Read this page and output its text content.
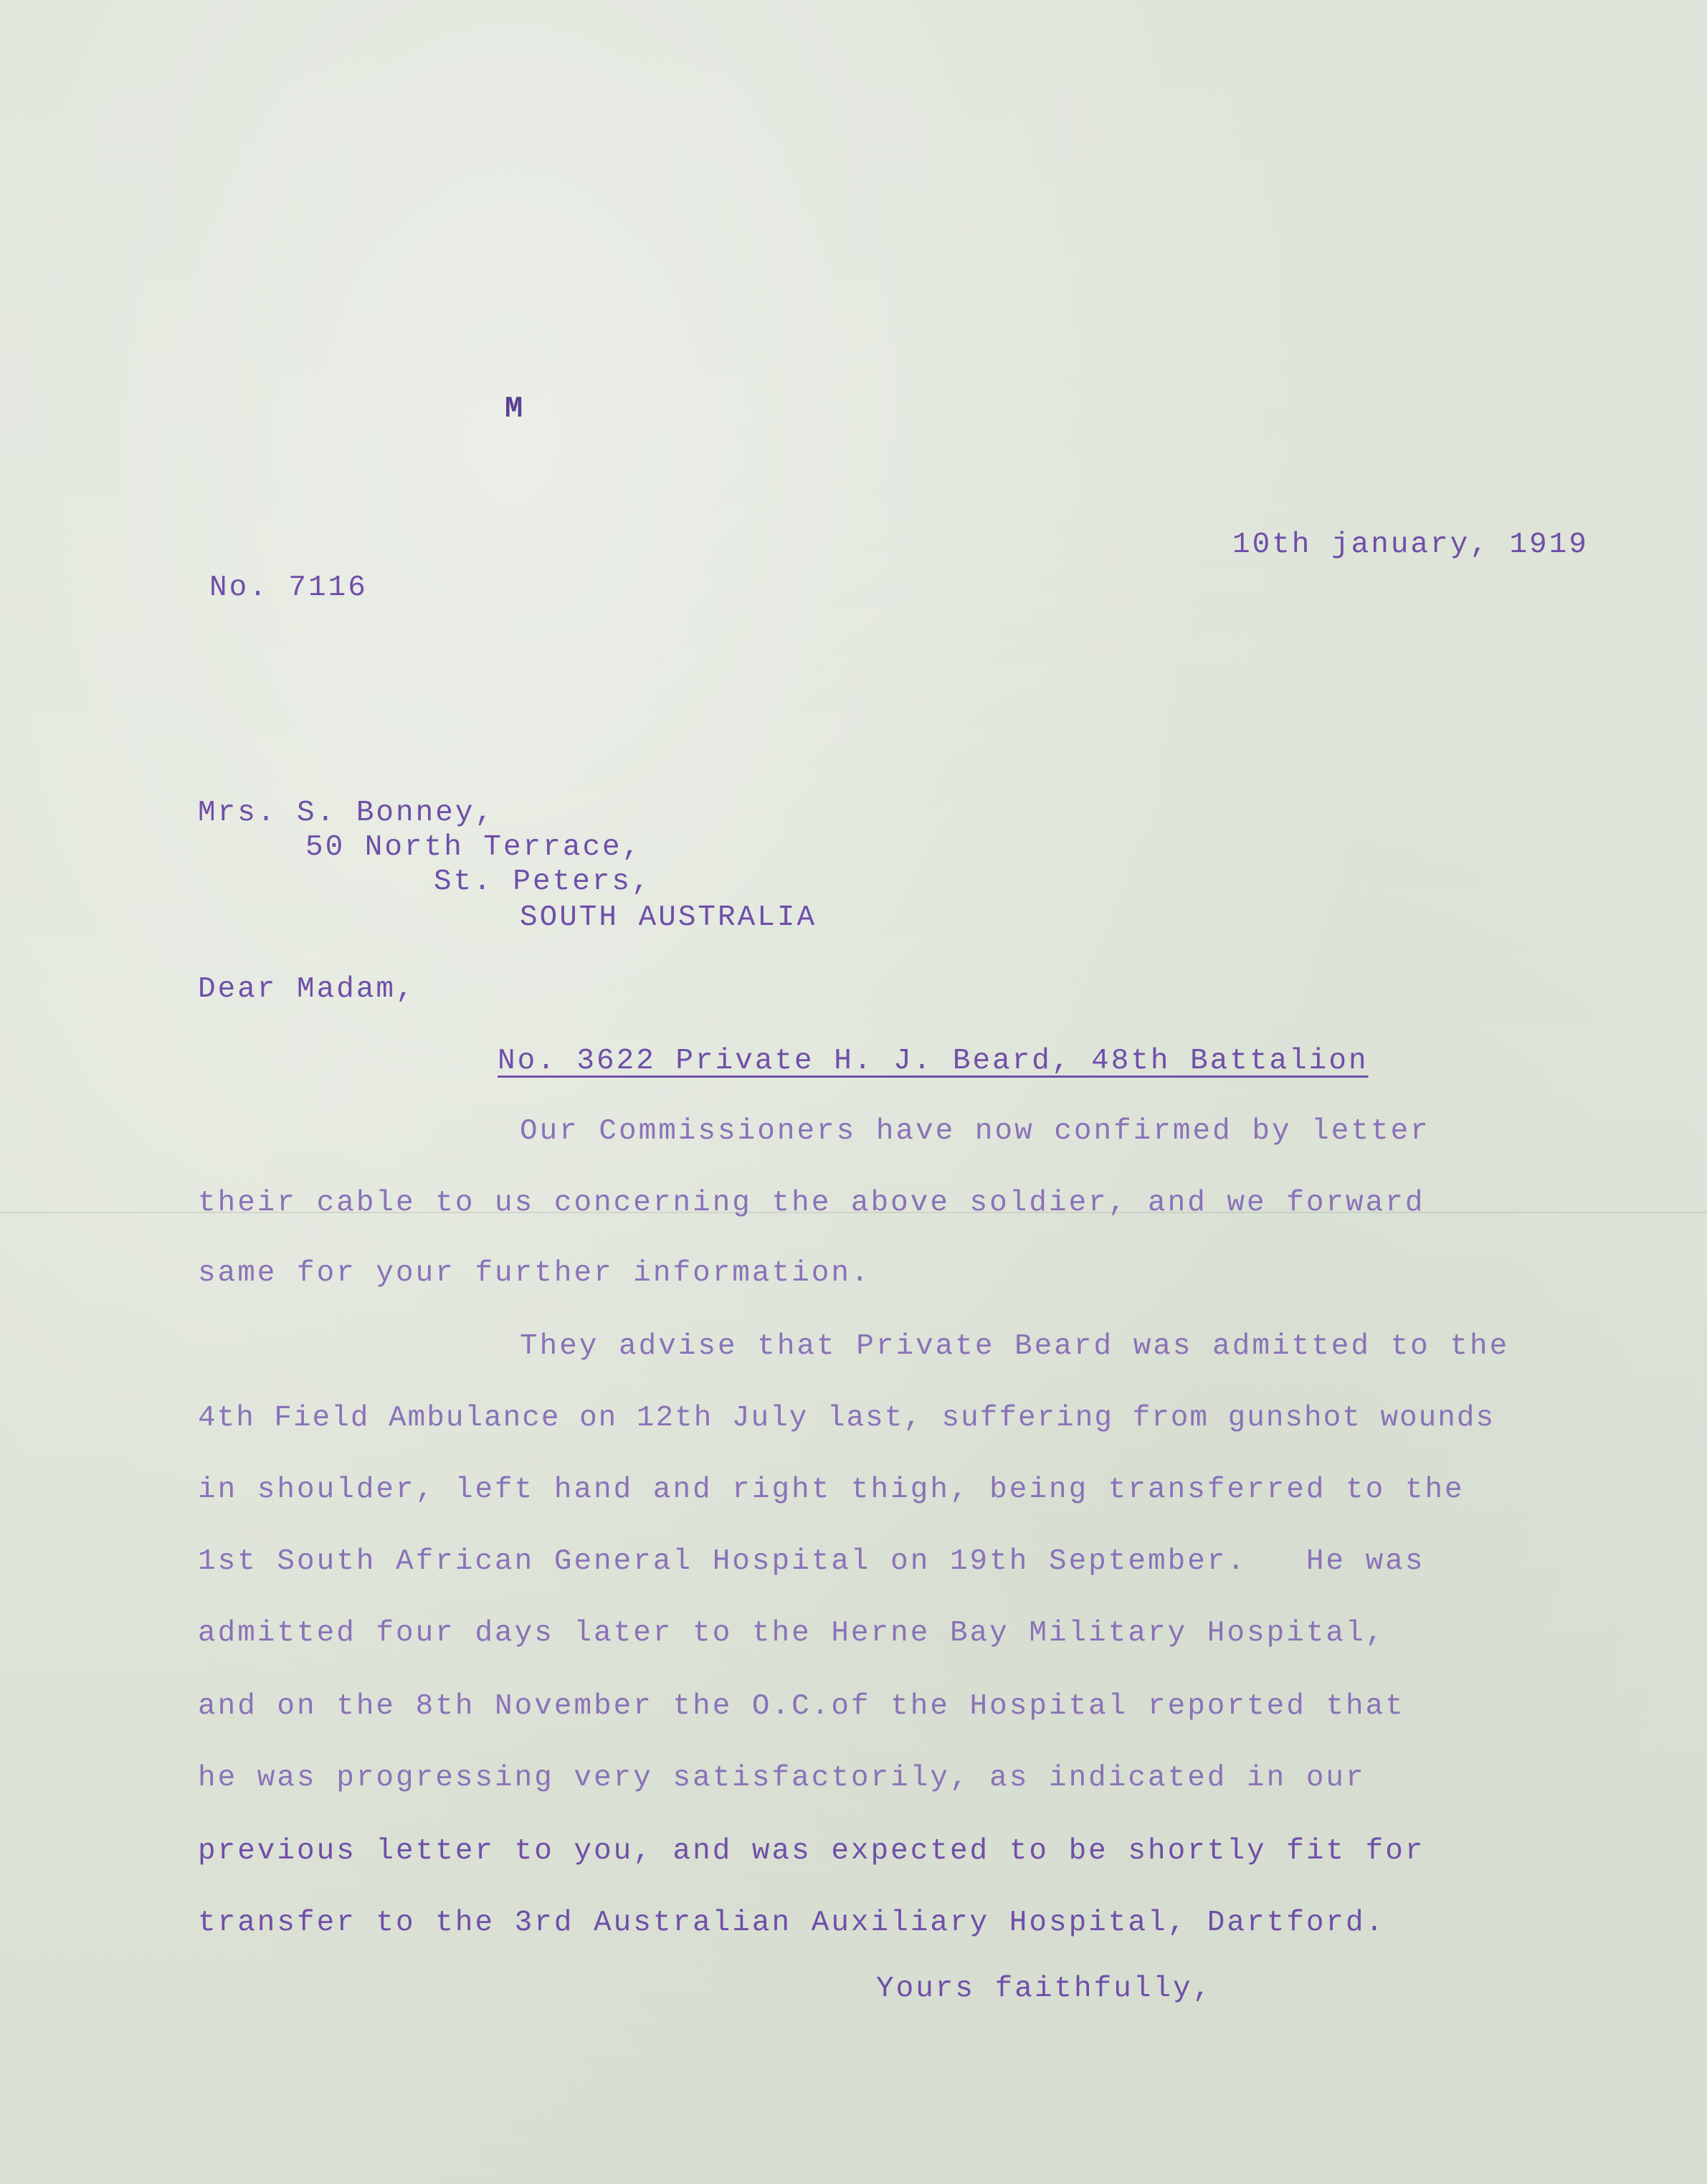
M
10th january, 1919
No. 7116
Mrs. S. Bonney,
50 North Terrace,
St. Peters,
SOUTH AUSTRALIA
Dear Madam,
No. 3622 Private H. J. Beard, 48th Battalion
Our Commissioners have now confirmed by letter
their cable to us concerning the above soldier, and we forward
same for your further information.
They advise that Private Beard was admitted to the
4th Field Ambulance on 12th July last, suffering from gunshot wounds
in shoulder, left hand and right thigh, being transferred to the
1st South African General Hospital on 19th September.   He was
admitted four days later to the Herne Bay Military Hospital,
and on the 8th November the O.C.of the Hospital reported that
he was progressing very satisfactorily, as indicated in our
previous letter to you, and was expected to be shortly fit for
transfer to the 3rd Australian Auxiliary Hospital, Dartford.
Yours faithfully,
